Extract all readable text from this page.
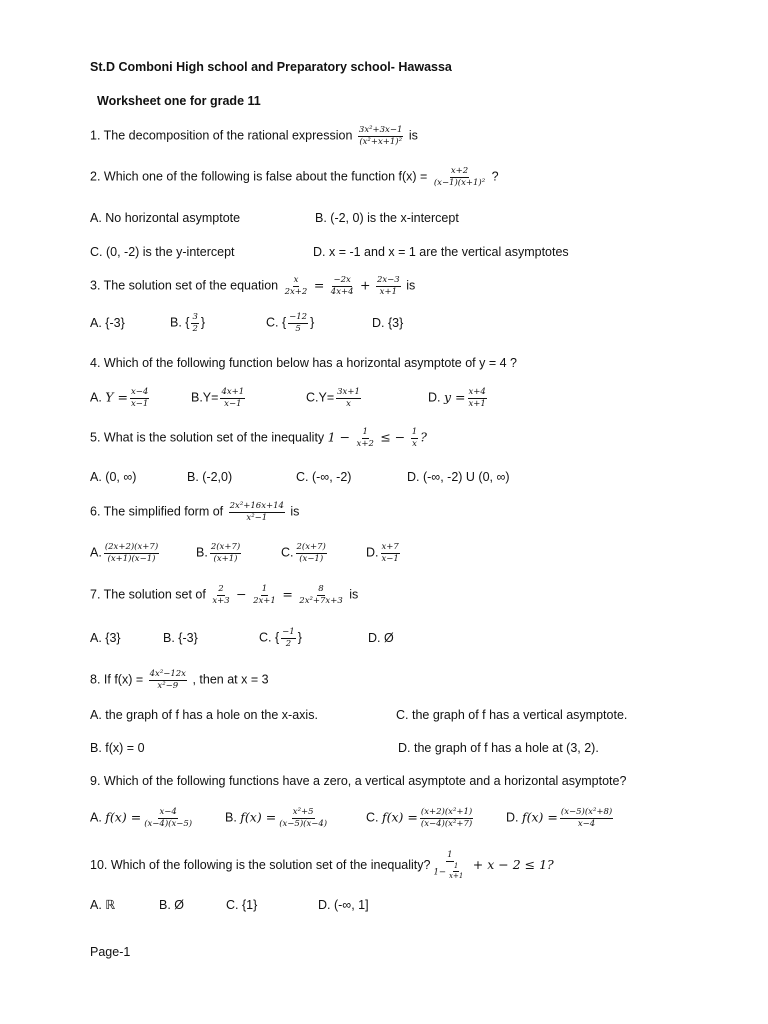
St.D Comboni High school and Preparatory school- Hawassa
Worksheet one for grade 11
1. The decomposition of the rational expression $\frac{\text{3x²+3x−1}}{\text{(x²+x+1)²}}$ is
2. Which one of the following is false about the function $f(x) = \frac{x+2}{\text{(x−1)(x+1)²}}$ ?
A. No horizontal asymptote	B. (-2, 0) is the x-intercept
C. (0, -2) is the y-intercept	D. x = -1 and x = 1 are the vertical asymptotes
3. The solution set of the equation $\frac{x}{2x+2} = \frac{-2x}{4x+4} + \frac{2x-3}{x+1}$ is
A. {-3}	B. { $\frac{3}{2}$ }	C. { $\frac{-12}{5}$ }	D. {3}
4. Which of the following function below has a horizontal asymptote of y = 4 ?
A. $Y = \frac{x-4}{x-1}$	$B.Y= \frac{4x+1}{x-1}$	$C.Y= \frac{3x+1}{x}$	D. $y = \frac{x+4}{x+1}$
5. What is the solution set of the inequality $1 - \frac{1}{x+2}$ ≤ − $\frac{1}{x}$ ?
A. (0, ∞)	B. (-2,0)	C. (-∞, -2)	D. (-∞, -2) U (0, ∞)
6. The simplified form of $\frac{\text{2x²+16x+14}}{\text{x²−1}}$ is
A. $\frac{(2x+2)(x+7)}{(x+1)(x-1)}$	B. $\frac{2(x+7)}{(x+1)}$	C. $\frac{2(x+7)}{(x-1)}$	D. $\frac{x+7}{x-1}$
7. The solution set of $\frac{2}{x+3} - \frac{1}{2x+1} = \frac{8}{\text{2x²+7x+3}}$ is
A. {3}	B. {-3}	C. { $\frac{-1}{2}$ }	D. Ø
8. If $f(x) = \frac{\text{4x²−12x}}{\text{x²−9}}$ , then at x = 3
A. the graph of f has a hole on the x-axis.	C. the graph of f has a vertical asymptote.
B. f(x) = 0	D. the graph of f has a hole at (3, 2).
9. Which of the following functions have a zero, a vertical asymptote and a horizontal asymptote?
A. $f(x) = \frac{x-4}{(x-4)(x-5)}$	B. $f(x) = \frac{\text{x²+5}}{(x-5)(x-4)}$	C. $f(x) = \frac{\text{(x+2)(x²+1)}}{\text{(x−4)(x²+7)}}$	D. $f(x) = \frac{\text{(x−5)(x²+8)}}{x-4}$
10. Which of the following is the solution set of the inequality? $\frac{1}{1- \frac{1}{x+1}} + x - 2 \le 1$?
A. ℝ	B. Ø	C. {1}	D. (-∞, 1]
Page-1
